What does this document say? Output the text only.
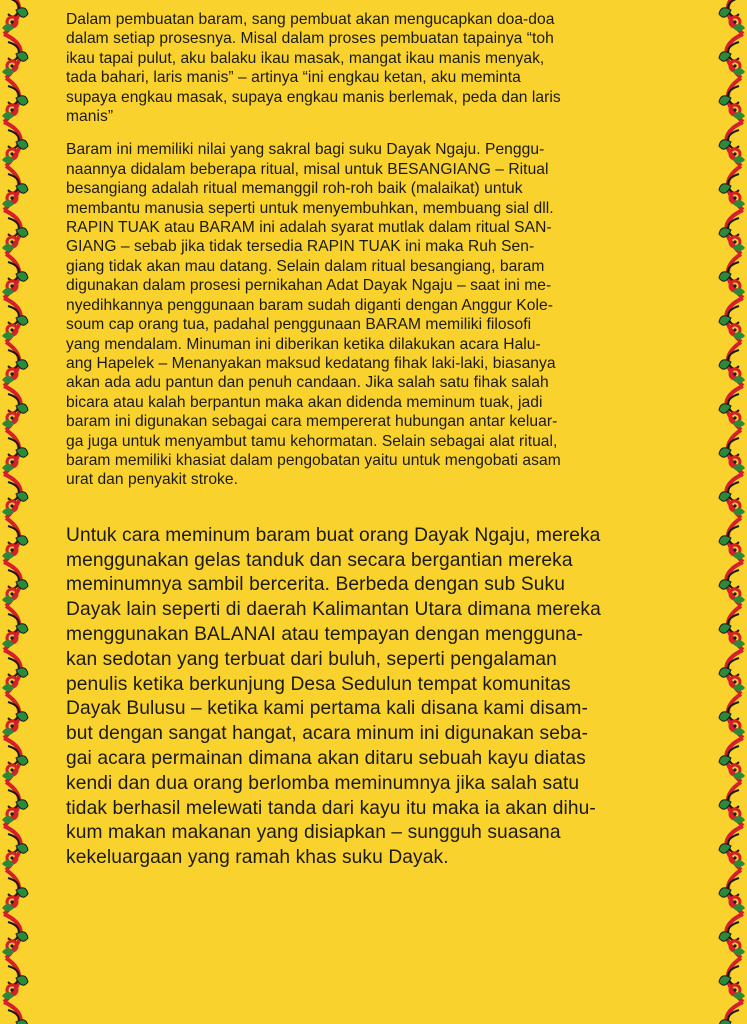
Dalam pembuatan baram, sang pembuat akan mengucapkan doa-doa
dalam setiap prosesnya. Misal dalam proses pembuatan tapainya “toh
ikau tapai pulut, aku balaku ikau masak, mangat ikau manis menyak,
tada bahari, laris manis” – artinya “ini engkau ketan, aku meminta
supaya engkau masak, supaya engkau manis berlemak, peda dan laris
manis”

Baram ini memiliki nilai yang sakral bagi suku Dayak Ngaju. Penggu-
naannya didalam beberapa ritual, misal untuk BESANGIANG – Ritual
besangiang adalah ritual memanggil roh-roh baik (malaikat) untuk
membantu manusia seperti untuk menyembuhkan, membuang sial dll.
RAPIN TUAK atau BARAM ini adalah syarat mutlak dalam ritual SAN-
GIANG – sebab jika tidak tersedia RAPIN TUAK ini maka Ruh Sen-
giang tidak akan mau datang. Selain dalam ritual besangiang, baram
digunakan dalam prosesi pernikahan Adat Dayak Ngaju – saat ini me-
nyedihkannya penggunaan baram sudah diganti dengan Anggur Kole-
soum cap orang tua, padahal penggunaan BARAM memiliki filosofi
yang mendalam. Minuman ini diberikan ketika dilakukan acara Halu-
ang Hapelek – Menanyakan maksud kedatang fihak laki-laki, biasanya
akan ada adu pantun dan penuh candaan. Jika salah satu fihak salah
bicara atau kalah berpantun maka akan didenda meminum tuak, jadi
baram ini digunakan sebagai cara mempererat hubungan antar keluar-
ga juga untuk menyambut tamu kehormatan. Selain sebagai alat ritual,
baram memiliki khasiat dalam pengobatan yaitu untuk mengobati asam
urat dan penyakit stroke.

Untuk cara meminum baram buat orang Dayak Ngaju, mereka
menggunakan gelas tanduk dan secara bergantian mereka
meminumnya sambil bercerita. Berbeda dengan sub Suku
Dayak lain seperti di daerah Kalimantan Utara dimana mereka
menggunakan BALANAI atau tempayan dengan mengguna-
kan sedotan yang terbuat dari buluh, seperti pengalaman
penulis ketika berkunjung Desa Sedulun tempat komunitas
Dayak Bulusu – ketika kami pertama kali disana kami disam-
but dengan sangat hangat, acara minum ini digunakan seba-
gai acara permainan dimana akan ditaru sebuah kayu diatas
kendi dan dua orang berlomba meminumnya jika salah satu
tidak berhasil melewati tanda dari kayu itu maka ia akan dihu-
kum makan makanan yang disiapkan – sungguh suasana
kekeluargaan yang ramah khas suku Dayak.
